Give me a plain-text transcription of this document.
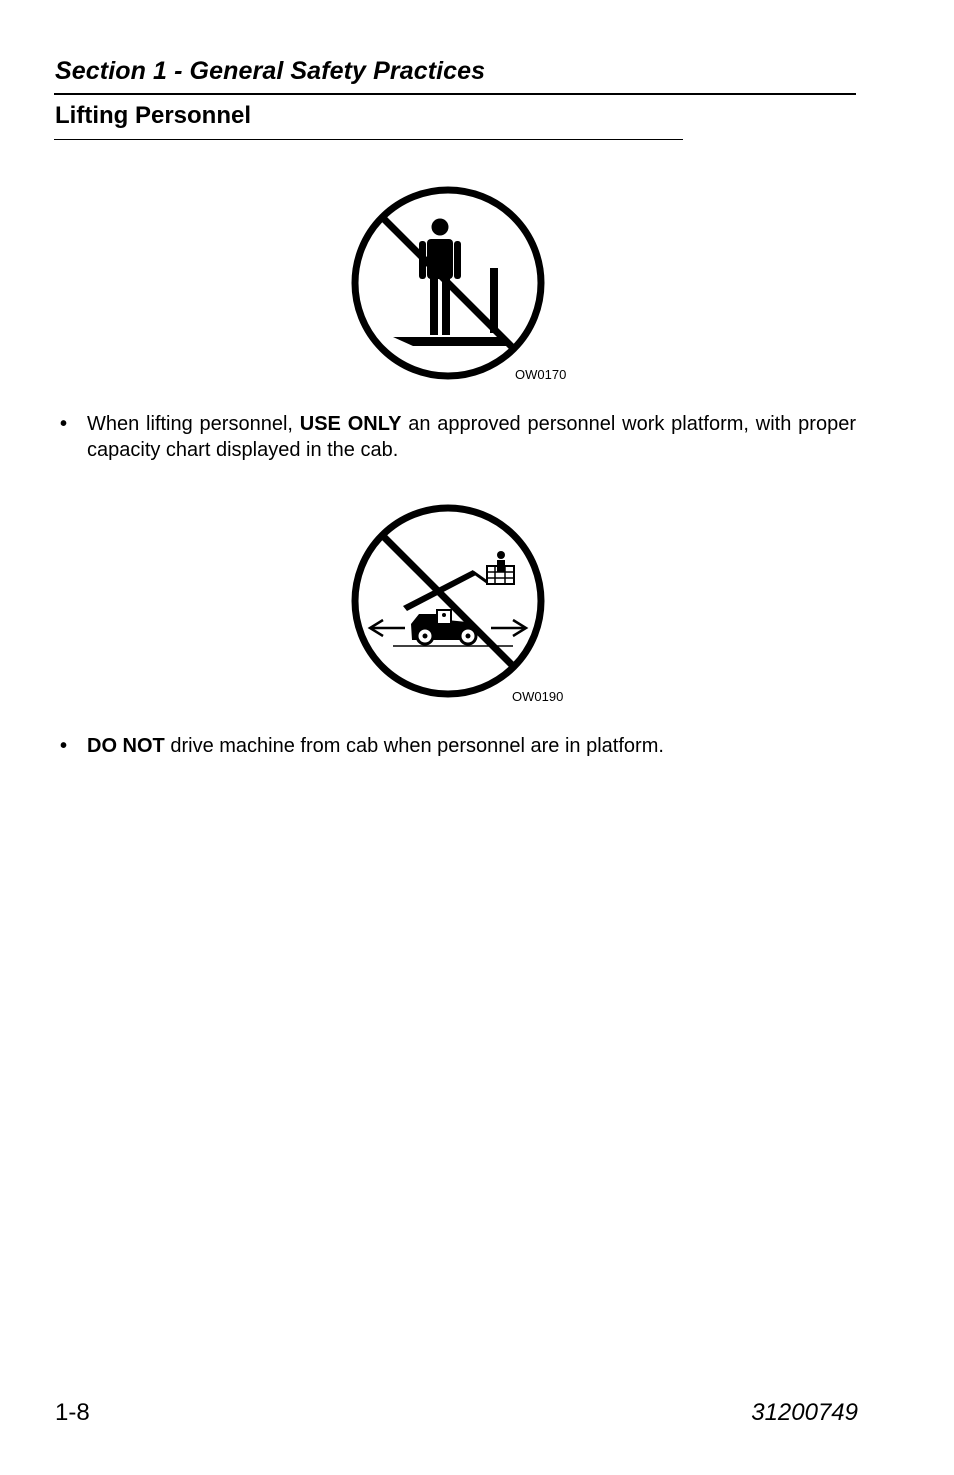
Section 1 - General Safety Practices
Lifting Personnel
OW0170
• When lifting personnel, USE ONLY an approved personnel work platform, with proper capacity chart displayed in the cab.
OW0190
• DO NOT drive machine from cab when personnel are in platform.
1-8	31200749
